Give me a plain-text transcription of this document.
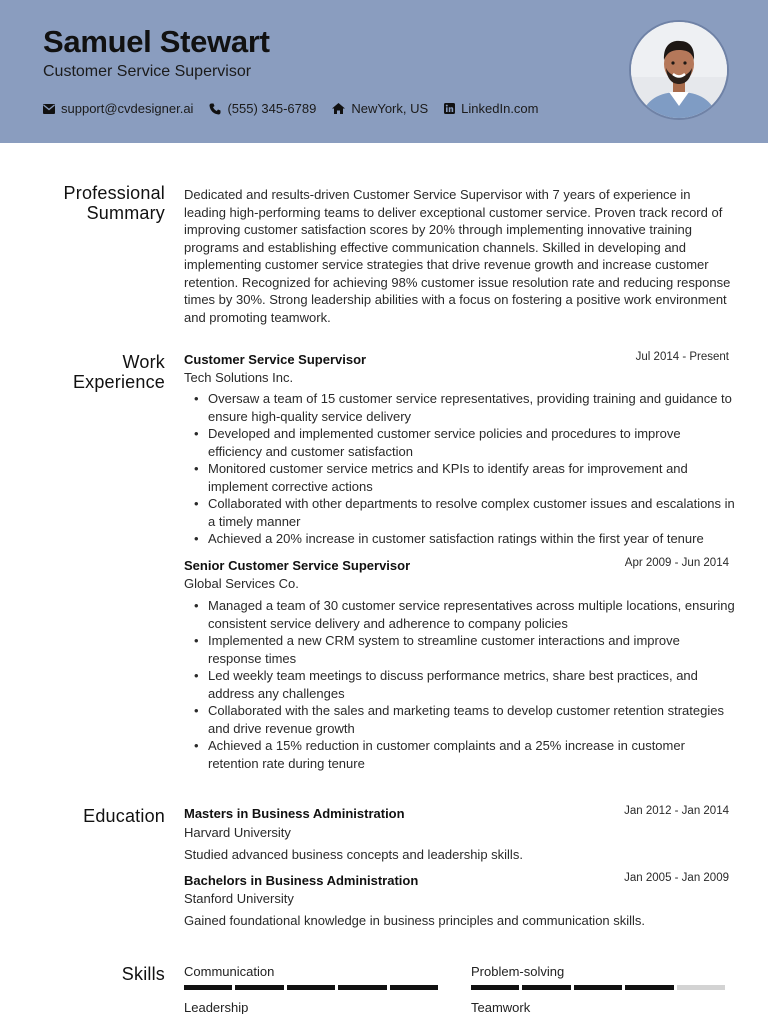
Samuel Stewart
Customer Service Supervisor
support@cvdesigner.ai	(555) 345-6789	NewYork, US	LinkedIn.com
Professional
Summary
Dedicated and results-driven Customer Service Supervisor with 7 years of experience in leading high-performing teams to deliver exceptional customer service. Proven track record of improving customer satisfaction scores by 20% through implementing innovative training programs and establishing effective communication channels. Skilled in developing and implementing customer service strategies that drive revenue growth and increase customer retention. Recognized for achieving 98% customer issue resolution rate and reducing response times by 30%. Strong leadership abilities with a focus on fostering a positive work environment and promoting teamwork.
Work
Experience
Customer Service Supervisor	Jul 2014 - Present
Tech Solutions Inc.
• Oversaw a team of 15 customer service representatives, providing training and guidance to ensure high-quality service delivery
• Developed and implemented customer service policies and procedures to improve efficiency and customer satisfaction
• Monitored customer service metrics and KPIs to identify areas for improvement and implement corrective actions
• Collaborated with other departments to resolve complex customer issues and escalations in a timely manner
• Achieved a 20% increase in customer satisfaction ratings within the first year of tenure
Senior Customer Service Supervisor	Apr 2009 - Jun 2014
Global Services Co.
• Managed a team of 30 customer service representatives across multiple locations, ensuring consistent service delivery and adherence to company policies
• Implemented a new CRM system to streamline customer interactions and improve response times
• Led weekly team meetings to discuss performance metrics, share best practices, and address any challenges
• Collaborated with the sales and marketing teams to develop customer retention strategies and drive revenue growth
• Achieved a 15% reduction in customer complaints and a 25% increase in customer retention rate during tenure
Education Masters in Business Administration	Jan 2012 - Jan 2014
Harvard University
Studied advanced business concepts and leadership skills.
Bachelors in Business Administration	Jan 2005 - Jan 2009
Stanford University
Gained foundational knowledge in business principles and communication skills.
Skills Communication	Problem-solving
Leadership	Teamwork
